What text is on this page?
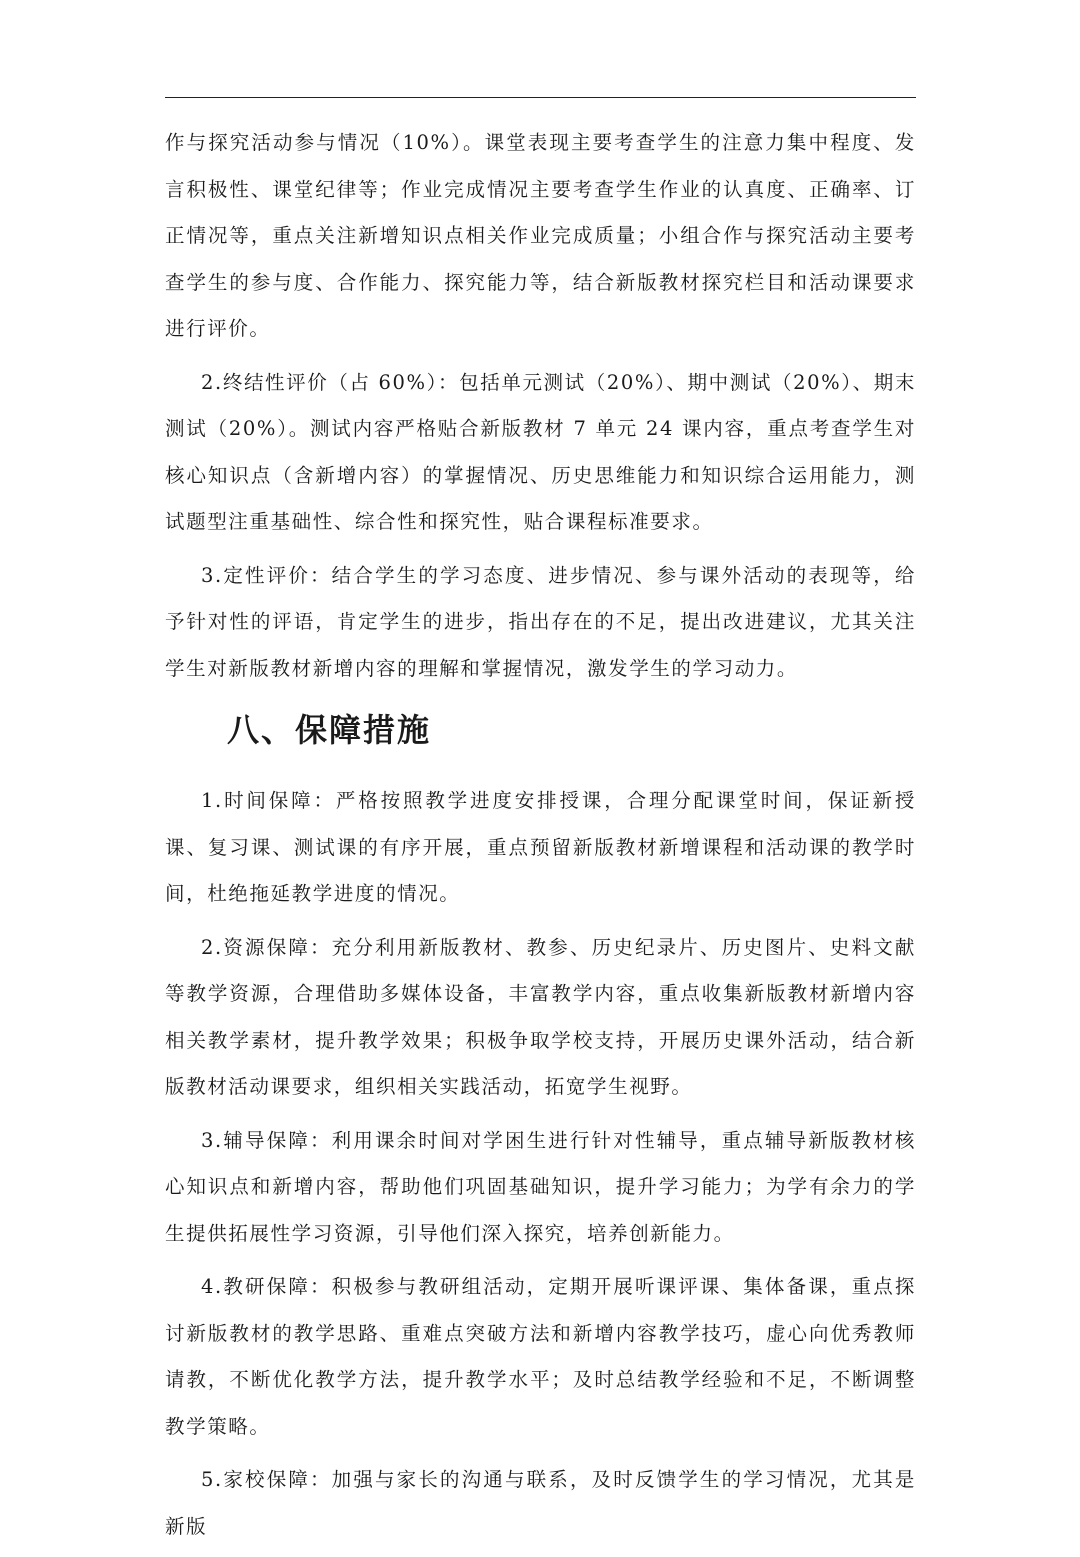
作与探究活动参与情况（10%）。课堂表现主要考查学生的注意力集中程度、发言积极性、课堂纪律等；作业完成情况主要考查学生作业的认真度、正确率、订正情况等，重点关注新增知识点相关作业完成质量；小组合作与探究活动主要考查学生的参与度、合作能力、探究能力等，结合新版教材探究栏目和活动课要求进行评价。

2.终结性评价（占 60%）：包括单元测试（20%）、期中测试（20%）、期末测试（20%）。测试内容严格贴合新版教材 7 单元 24 课内容，重点考查学生对核心知识点（含新增内容）的掌握情况、历史思维能力和知识综合运用能力，测试题型注重基础性、综合性和探究性，贴合课程标准要求。

3.定性评价：结合学生的学习态度、进步情况、参与课外活动的表现等，给予针对性的评语，肯定学生的进步，指出存在的不足，提出改进建议，尤其关注学生对新版教材新增内容的理解和掌握情况，激发学生的学习动力。

八、保障措施

1.时间保障：严格按照教学进度安排授课，合理分配课堂时间，保证新授课、复习课、测试课的有序开展，重点预留新版教材新增课程和活动课的教学时间，杜绝拖延教学进度的情况。

2.资源保障：充分利用新版教材、教参、历史纪录片、历史图片、史料文献等教学资源，合理借助多媒体设备，丰富教学内容，重点收集新版教材新增内容相关教学素材，提升教学效果；积极争取学校支持，开展历史课外活动，结合新版教材活动课要求，组织相关实践活动，拓宽学生视野。

3.辅导保障：利用课余时间对学困生进行针对性辅导，重点辅导新版教材核心知识点和新增内容，帮助他们巩固基础知识，提升学习能力；为学有余力的学生提供拓展性学习资源，引导他们深入探究，培养创新能力。

4.教研保障：积极参与教研组活动，定期开展听课评课、集体备课，重点探讨新版教材的教学思路、重难点突破方法和新增内容教学技巧，虚心向优秀教师请教，不断优化教学方法，提升教学水平；及时总结教学经验和不足，不断调整教学策略。

5.家校保障：加强与家长的沟通与联系，及时反馈学生的学习情况，尤其是新版
